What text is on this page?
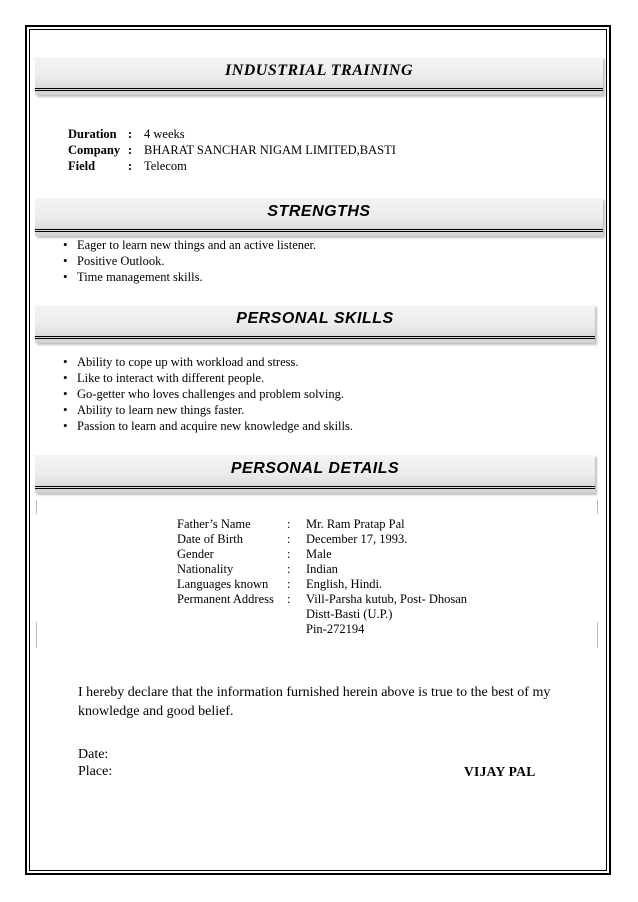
INDUSTRIAL TRAINING
Duration : 4 weeks
Company : BHARAT SANCHAR NIGAM LIMITED,BASTI
Field	: Telecom
STRENGTHS
• Eager to learn new things and an active listener.
• Positive Outlook.
• Time management skills.
PERSONAL SKILLS
• Ability to cope up with workload and stress.
• Like to interact with different people.
• Go-getter who loves challenges and problem solving.
• Ability to learn new things faster.
• Passion to learn and acquire new knowledge and skills.
PERSONAL DETAILS
Father’s Name	: Mr. Ram Pratap Pal
Date of Birth	: December 17, 1993.
Gender	: Male
Nationality	: Indian
Languages known : English, Hindi.
Permanent Address : Vill-Parsha kutub, Post- Dhosan
Distt-Basti (U.P.)
Pin-272194
I hereby declare that the information furnished herein above is true to the best of my knowledge and good belief.
Date:
Place:	VIJAY PAL
